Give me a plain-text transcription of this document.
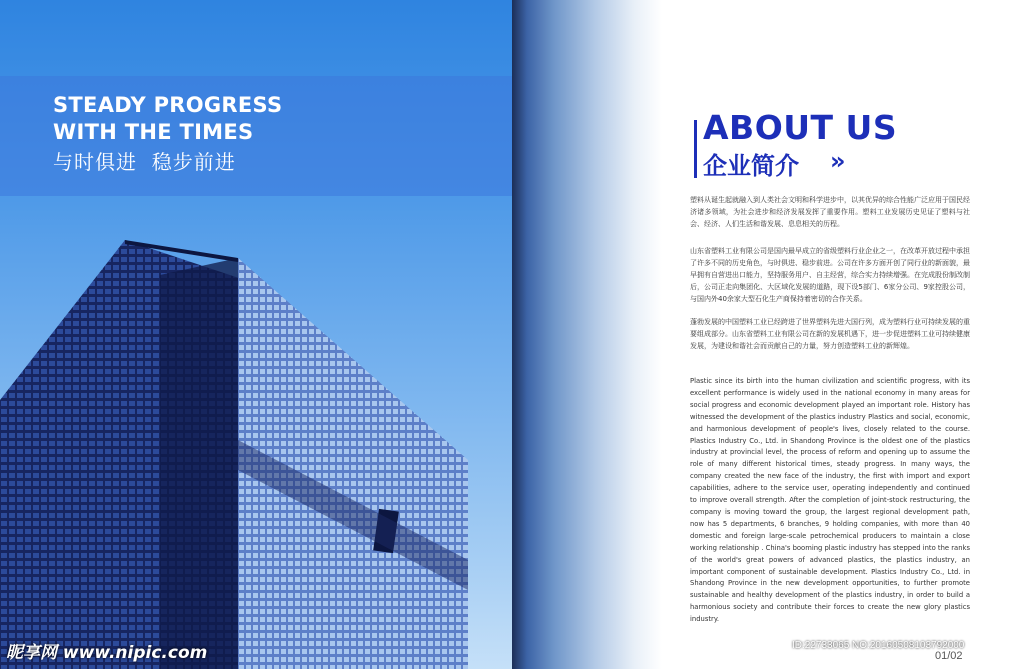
STEADY PROGRESS WITH THE TIMES

与时俱进  稳步前进

昵享网 www.nipic.com

ABOUT US
企业简介 »

塑料从诞生起就融入到人类社会文明和科学进步中，以其优异的综合性能广泛应用于国民经济诸多领域，为社会进步和经济发展发挥了重要作用。塑料工业发展历史见证了塑料与社会、经济、人们生活和谐发展、息息相关的历程。

山东省塑料工业有限公司是国内最早成立的省级塑料行业企业之一，在改革开放过程中承担了许多不同的历史角色，与时俱进、稳步前进。公司在许多方面开创了同行业的新面貌，最早拥有自营进出口能力，坚持服务用户、自主经营，综合实力持续增强。在完成股份制改制后，公司正走向集团化、大区域化发展的道路，现下设5部门、6家分公司、9家控股公司，与国内外40余家大型石化生产商保持着密切的合作关系。

蓬勃发展的中国塑料工业已经跨进了世界塑料先进大国行列，成为塑料行业可持续发展的重要组成部分。山东省塑料工业有限公司在新的发展机遇下，进一步促进塑料工业可持续健康发展，为建设和谐社会而贡献自己的力量，努力创造塑料工业的新辉煌。

Plastic since its birth into the human civilization and scientific progress, with its excellent performance is widely used in the national economy in many areas for social progress and economic development played an important role. History has witnessed the development of the plastics industry Plastics and social, economic, and harmonious development of people's lives, closely related to the course. Plastics Industry Co., Ltd. in Shandong Province is the oldest one of the plastics industry at provincial level, the process of reform and opening up to assume the role of many different historical times, steady progress. In many ways, the company created the new face of the industry, the first with import and export capabilities, adhere to the service user, operating independently and continued to improve overall strength. After the completion of joint-stock restructuring, the company is moving toward the group, the largest regional development path, now has 5 departments, 6 branches, 9 holding companies, with more than 40 domestic and foreign large-scale petrochemical producers to maintain a close working relationship . China's booming plastic industry has stepped into the ranks of the world's great powers of advanced plastics, the plastics industry, an important component of sustainable development. Plastics Industry Co., Ltd. in Shandong Province in the new development opportunities, to further promote sustainable and healthy development of the plastics industry, in order to build a harmonious society and contribute their forces to create the new glory plastics industry.

ID:22733065 NO:20160508103792000

01/02
